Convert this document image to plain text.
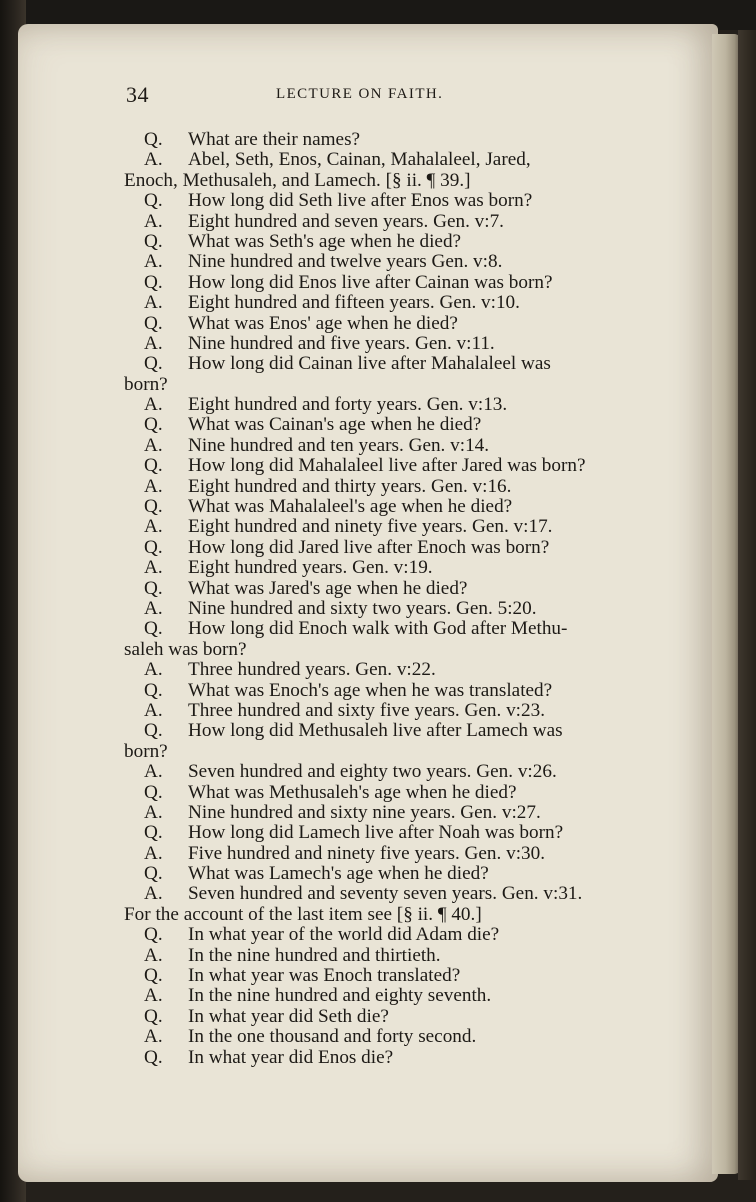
34	LECTURE ON FAITH.
Q. What are their names?
A. Abel, Seth, Enos, Cainan, Mahalaleel, Jared,
Enoch, Methusaleh, and Lamech. [§ ii. ¶ 39.]
Q. How long did Seth live after Enos was born?
A. Eight hundred and seven years. Gen. v:7.
Q. What was Seth's age when he died?
A. Nine hundred and twelve years Gen. v:8.
Q. How long did Enos live after Cainan was born?
A. Eight hundred and fifteen years. Gen. v:10.
Q. What was Enos' age when he died?
A. Nine hundred and five years. Gen. v:11.
Q. How long did Cainan live after Mahalaleel was
born?
A. Eight hundred and forty years. Gen. v:13.
Q. What was Cainan's age when he died?
A. Nine hundred and ten years. Gen. v:14.
Q. How long did Mahalaleel live after Jared was born?
A. Eight hundred and thirty years. Gen. v:16.
Q. What was Mahalaleel's age when he died?
A. Eight hundred and ninety five years. Gen. v:17.
Q. How long did Jared live after Enoch was born?
A. Eight hundred years. Gen. v:19.
Q. What was Jared's age when he died?
A. Nine hundred and sixty two years. Gen. 5:20.
Q. How long did Enoch walk with God after Methu-
saleh was born?
A. Three hundred years. Gen. v:22.
Q. What was Enoch's age when he was translated?
A. Three hundred and sixty five years. Gen. v:23.
Q. How long did Methusaleh live after Lamech was
born?
A. Seven hundred and eighty two years. Gen. v:26.
Q. What was Methusaleh's age when he died?
A. Nine hundred and sixty nine years. Gen. v:27.
Q. How long did Lamech live after Noah was born?
A. Five hundred and ninety five years. Gen. v:30.
Q. What was Lamech's age when he died?
A. Seven hundred and seventy seven years. Gen. v:31.
For the account of the last item see [§ ii. ¶ 40.]
Q. In what year of the world did Adam die?
A. In the nine hundred and thirtieth.
Q. In what year was Enoch translated?
A. In the nine hundred and eighty seventh.
Q. In what year did Seth die?
A. In the one thousand and forty second.
Q. In what year did Enos die?
